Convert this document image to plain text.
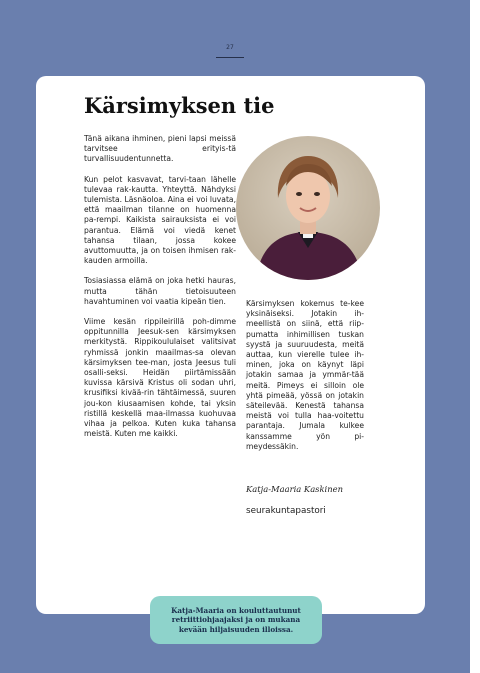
27
Kärsimyksen tie

Tänä aikana ihminen, pieni lapsi meissä tarvitsee erityis-tä turvallisuudentunnetta.

Kun pelot kasvavat, tarvi-taan lähelle tulevaa rak-kautta. Yhteyttä. Nähdyksi tulemista. Läsnäoloa. Aina ei voi luvata, että maailman tilanne on huomenna pa-rempi. Kaikista sairauksista ei voi parantua. Elämä voi viedä kenet tahansa tilaan, jossa kokee avuttomuutta, ja on toisen ihmisen rak-kauden armoilla.

Tosiasiassa elämä on joka hetki hauras, mutta tähän tietoisuuteen havahtuminen voi vaatia kipeän tien.

Viime kesän rippileirillä poh-dimme oppitunnilla Jeesuk-sen kärsimyksen merkitystä. Rippikoululaiset valitsivat ryhmissä jonkin maailmas-sa olevan kärsimyksen tee-man, josta Jeesus tuli osalli-seksi. Heidän piirtämissään kuvissa kärsivä Kristus oli sodan uhri, krusifiksi kivää-rin tähtäimessä, suuren jou-kon kiusaamisen kohde, tai yksin ristillä keskellä maa-ilmassa kuohuvaa vihaa ja pelkoa. Kuten kuka tahansa meistä. Kuten me kaikki.

Kärsimyksen kokemus te-kee yksinäiseksi. Jotakin ih-meellistä on siinä, että riip-pumatta inhimillisen tuskan syystä ja suuruudesta, meitä auttaa, kun vierelle tulee ih-minen, joka on käynyt läpi jotakin samaa ja ymmär-tää meitä. Pimeys ei silloin ole yhtä pimeää, yössä on jotakin säteilevää. Kenestä tahansa meistä voi tulla haa-voitettu parantaja. Jumala kulkee kanssamme yön pi-meydessäkin.

Katja-Maaria Kaskinen
seurakuntapastori
Katja-Maaria on kouluttautunut retriittiohjaajaksi ja on mukana kevään hiljaisuuden illoissa.
